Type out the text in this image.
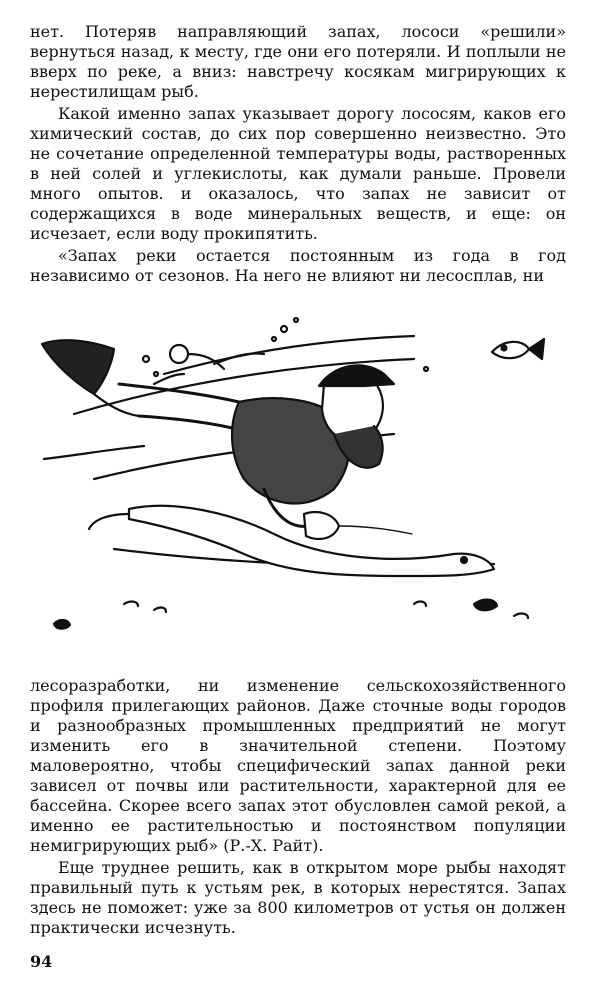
нет. Потеряв направляющий запах, лососи «решили» вернуться назад, к месту, где они его потеряли. И поплыли не вверх по реке, а вниз: навстречу косякам мигрирующих к нерестилищам рыб.

Какой именно запах указывает дорогу лососям, каков его химический состав, до сих пор совершенно неизвестно. Это не сочетание определенной температуры воды, растворенных в ней солей и углекислоты, как думали раньше. Провели много опытов. и оказалось, что запах не зависит от содержащихся в воде минеральных веществ, и еще: он исчезает, если воду прокипятить.

«Запах реки остается постоянным из года в год независимо от сезонов. На него не влияют ни лесосплав, ни

лесоразработки, ни изменение сельскохозяйственного профиля прилегающих районов. Даже сточные воды городов и разнообразных промышленных предприятий не могут изменить его в значительной степени. Поэтому маловероятно, чтобы специфический запах данной реки зависел от почвы или растительности, характерной для ее бассейна. Скорее всего запах этот обусловлен самой рекой, а именно ее растительностью и постоянством популяции немигрирующих рыб» (Р.-Х. Райт).

Еще труднее решить, как в открытом море рыбы находят правильный путь к устьям рек, в которых нерестятся. Запах здесь не поможет: уже за 800 километров от устья он должен практически исчезнуть.

94
